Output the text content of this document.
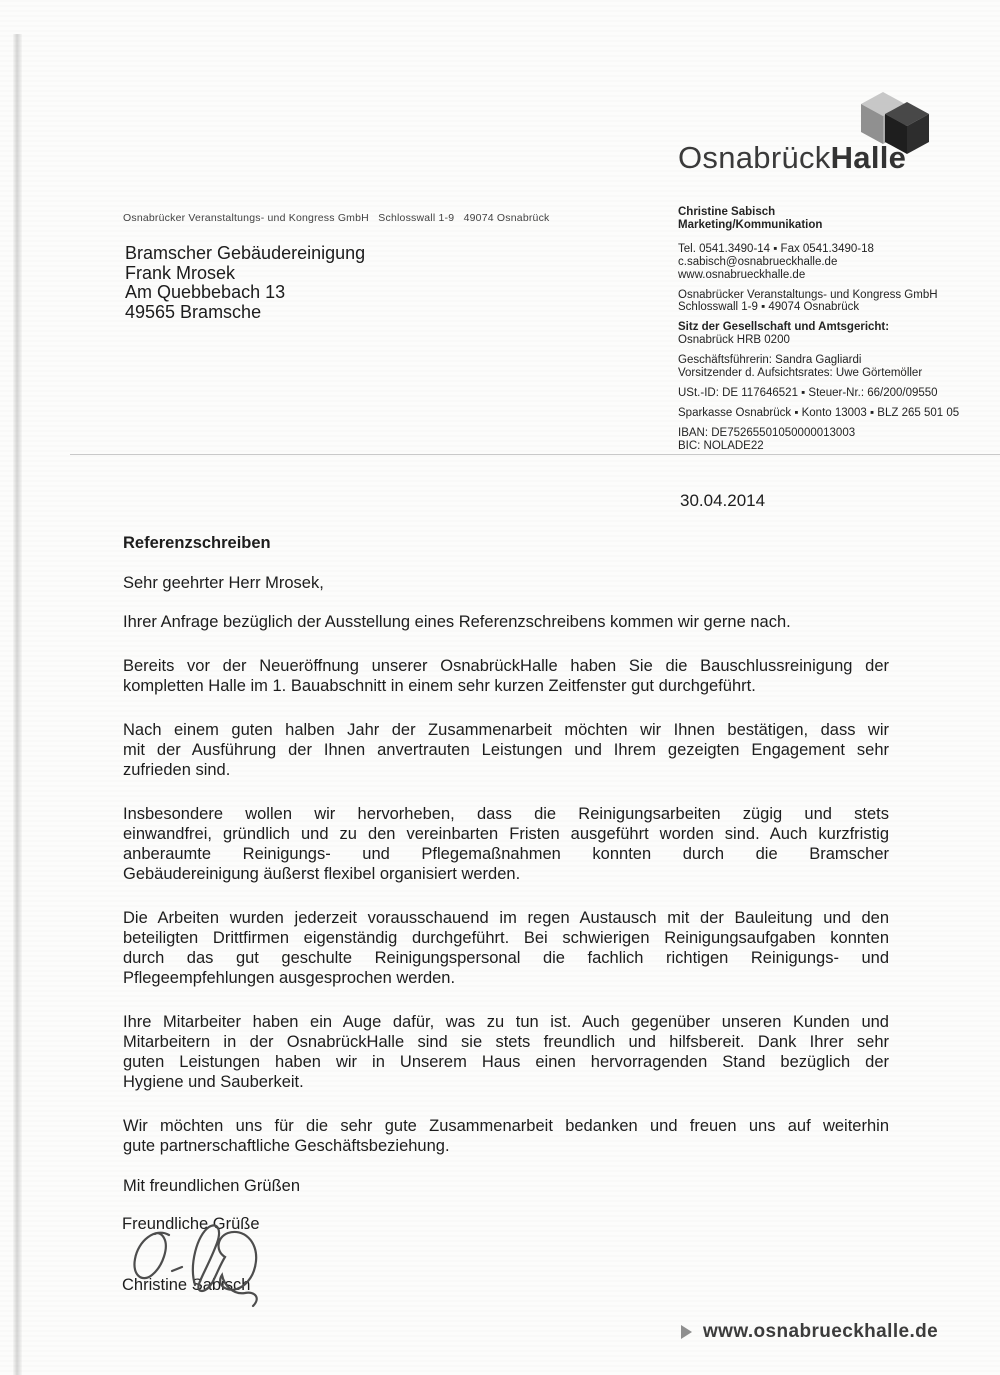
OsnabrückHalle
Osnabrücker Veranstaltungs- und Kongress GmbH   Schlosswall 1-9   49074 Osnabrück
Bramscher Gebäudereinigung
Frank Mrosek
Am Quebbebach 13
49565 Bramsche
Christine Sabisch
Marketing/Kommunikation
Tel. 0541.3490-14 ▪ Fax 0541.3490-18
c.sabisch@osnabrueckhalle.de
www.osnabrueckhalle.de
Osnabrücker Veranstaltungs- und Kongress GmbH
Schlosswall 1-9 ▪ 49074 Osnabrück
Sitz der Gesellschaft und Amtsgericht:
Osnabrück HRB 0200
Geschäftsführerin: Sandra Gagliardi
Vorsitzender d. Aufsichtsrates: Uwe Görtemöller
USt.-ID: DE 117646521 ▪ Steuer-Nr.: 66/200/09550
Sparkasse Osnabrück ▪ Konto 13003 ▪ BLZ 265 501 05
IBAN: DE75265501050000013003
BIC: NOLADE22
30.04.2014
Referenzschreiben
Sehr geehrter Herr Mrosek,

Ihrer Anfrage bezüglich der Ausstellung eines Referenzschreibens kommen wir gerne nach.

Bereits vor der Neueröffnung unserer OsnabrückHalle haben Sie die Bauschlussreinigung der
kompletten Halle im 1. Bauabschnitt in einem sehr kurzen Zeitfenster gut durchgeführt.

Nach einem guten halben Jahr der Zusammenarbeit möchten wir Ihnen bestätigen, dass wir
mit der Ausführung der Ihnen anvertrauten Leistungen und Ihrem gezeigten Engagement sehr
zufrieden sind.

Insbesondere wollen wir hervorheben, dass die Reinigungsarbeiten zügig und stets
einwandfrei, gründlich und zu den vereinbarten Fristen ausgeführt worden sind. Auch kurzfristig
anberaumte Reinigungs- und Pflegemaßnahmen konnten durch die Bramscher
Gebäudereinigung äußerst flexibel organisiert werden.

Die Arbeiten wurden jederzeit vorausschauend im regen Austausch mit der Bauleitung und den
beteiligten Drittfirmen eigenständig durchgeführt. Bei schwierigen Reinigungsaufgaben konnten
durch das gut geschulte Reinigungspersonal die fachlich richtigen Reinigungs- und
Pflegeempfehlungen ausgesprochen werden.

Ihre Mitarbeiter haben ein Auge dafür, was zu tun ist. Auch gegenüber unseren Kunden und
Mitarbeitern in der OsnabrückHalle sind sie stets freundlich und hilfsbereit. Dank Ihrer sehr
guten Leistungen haben wir in Unserem Haus einen hervorragenden Stand bezüglich der
Hygiene und Sauberkeit.

Wir möchten uns für die sehr gute Zusammenarbeit bedanken und freuen uns auf weiterhin
gute partnerschaftliche Geschäftsbeziehung.

Mit freundlichen Grüßen
Freundliche Grüße
Christine Sabisch
www.osnabrueckhalle.de
